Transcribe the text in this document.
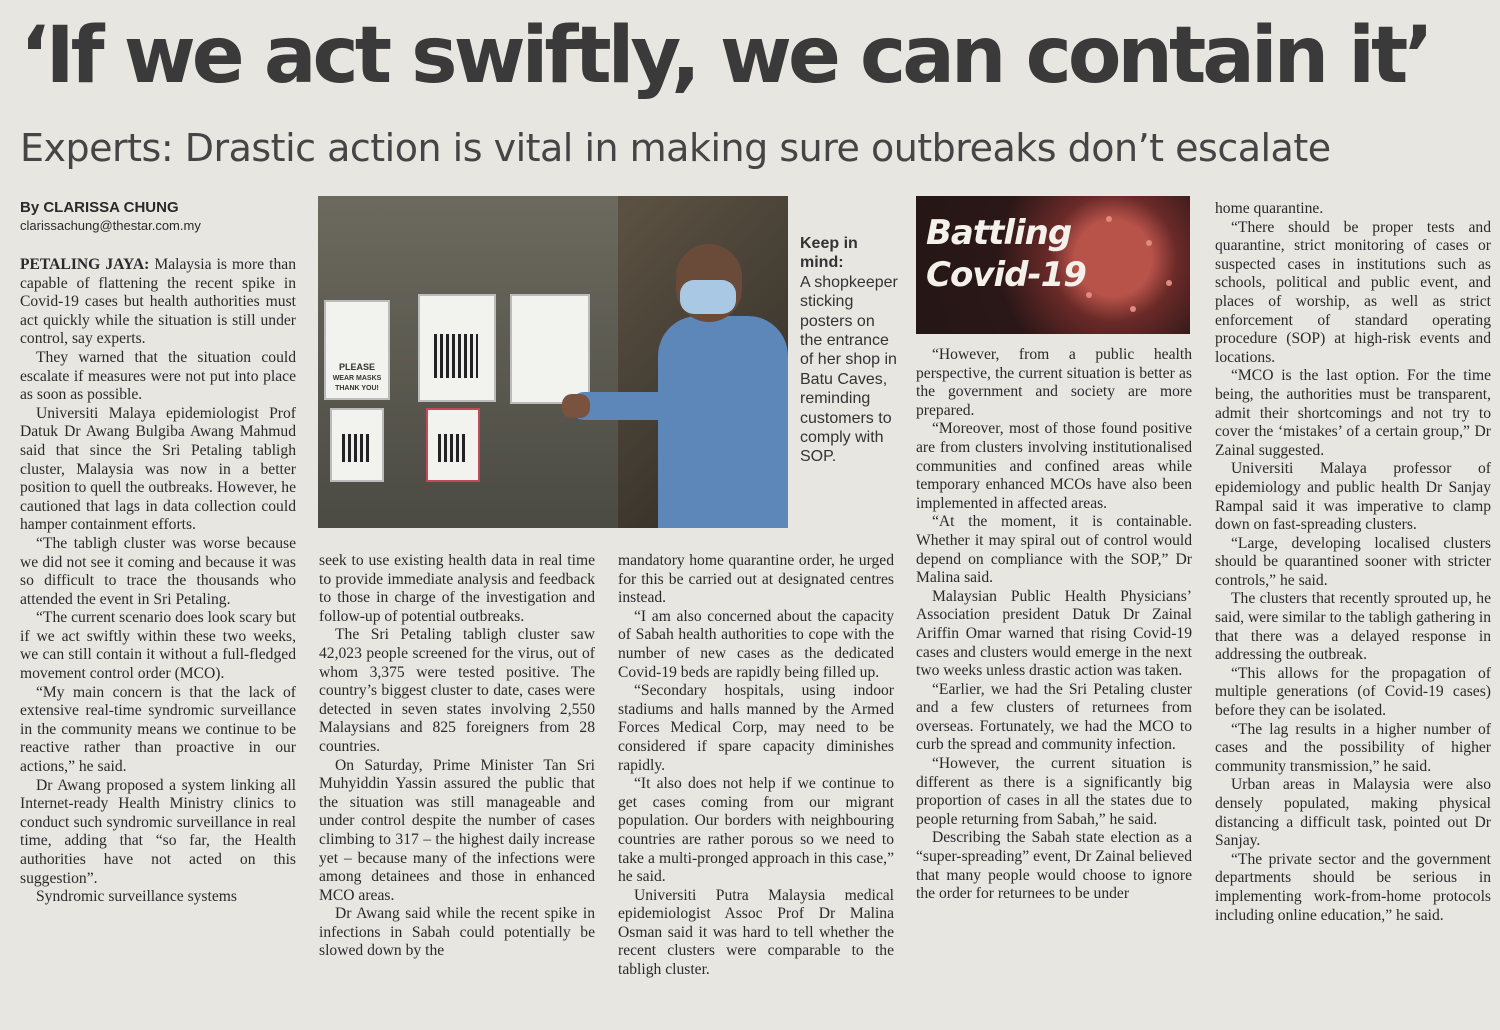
‘If we act swiftly, we can contain it’
Experts: Drastic action is vital in making sure outbreaks don’t escalate
By CLARISSA CHUNG
clarissachung@thestar.com.my

PETALING JAYA: Malaysia is more than capable of flattening the recent spike in Covid-19 cases but health authorities must act quickly while the situation is still under control, say experts.

They warned that the situation could escalate if measures were not put into place as soon as possible.

Universiti Malaya epidemiologist Prof Datuk Dr Awang Bulgiba Awang Mahmud said that since the Sri Petaling tabligh cluster, Malaysia was now in a better position to quell the outbreaks. However, he cautioned that lags in data collection could hamper containment efforts.

“The tabligh cluster was worse because we did not see it coming and because it was so difficult to trace the thousands who attended the event in Sri Petaling.

“The current scenario does look scary but if we act swiftly within these two weeks, we can still contain it without a full-fledged movement control order (MCO).

“My main concern is that the lack of extensive real-time syndromic surveillance in the community means we continue to be reactive rather than proactive in our actions,” he said.

Dr Awang proposed a system linking all Internet-ready Health Ministry clinics to conduct such syndromic surveillance in real time, adding that “so far, the Health authorities have not acted on this suggestion”.

Syndromic surveillance systems

PLEASE
WEAR MASKS
THANK YOU!
Keep in mind:
A shopkeeper sticking posters on the entrance of her shop in Batu Caves, reminding customers to comply with SOP.

seek to use existing health data in real time to provide immediate analysis and feedback to those in charge of the investigation and follow-up of potential outbreaks.

The Sri Petaling tabligh cluster saw 42,023 people screened for the virus, out of whom 3,375 were tested positive. The country’s biggest cluster to date, cases were detected in seven states involving 2,550 Malaysians and 825 foreigners from 28 countries.

On Saturday, Prime Minister Tan Sri Muhyiddin Yassin assured the public that the situation was still manageable and under control despite the number of cases climbing to 317 – the highest daily increase yet – because many of the infections were among detainees and those in enhanced MCO areas.

Dr Awang said while the recent spike in infections in Sabah could potentially be slowed down by the

mandatory home quarantine order, he urged for this be carried out at designated centres instead.

“I am also concerned about the capacity of Sabah health authorities to cope with the number of new cases as the dedicated Covid-19 beds are rapidly being filled up.

“Secondary hospitals, using indoor stadiums and halls manned by the Armed Forces Medical Corp, may need to be considered if spare capacity diminishes rapidly.

“It also does not help if we continue to get cases coming from our migrant population. Our borders with neighbouring countries are rather porous so we need to take a multi-pronged approach in this case,” he said.

Universiti Putra Malaysia medical epidemiologist Assoc Prof Dr Malina Osman said it was hard to tell whether the recent clusters were comparable to the tabligh cluster.

Battling
Covid-19

“However, from a public health perspective, the current situation is better as the government and society are more prepared.

“Moreover, most of those found positive are from clusters involving institutionalised communities and confined areas while temporary enhanced MCOs have also been implemented in affected areas.

“At the moment, it is containable. Whether it may spiral out of control would depend on compliance with the SOP,” Dr Malina said.

Malaysian Public Health Physicians’ Association president Datuk Dr Zainal Ariffin Omar warned that rising Covid-19 cases and clusters would emerge in the next two weeks unless drastic action was taken.

“Earlier, we had the Sri Petaling cluster and a few clusters of returnees from overseas. Fortunately, we had the MCO to curb the spread and community infection.

“However, the current situation is different as there is a significantly big proportion of cases in all the states due to people returning from Sabah,” he said.

Describing the Sabah state election as a “super-spreading” event, Dr Zainal believed that many people would choose to ignore the order for returnees to be under

home quarantine.

“There should be proper tests and quarantine, strict monitoring of cases or suspected cases in institutions such as schools, political and public event, and places of worship, as well as strict enforcement of standard operating procedure (SOP) at high-risk events and locations.

“MCO is the last option. For the time being, the authorities must be transparent, admit their shortcomings and not try to cover the ‘mistakes’ of a certain group,” Dr Zainal suggested.

Universiti Malaya professor of epidemiology and public health Dr Sanjay Rampal said it was imperative to clamp down on fast-spreading clusters.

“Large, developing localised clusters should be quarantined sooner with stricter controls,” he said.

The clusters that recently sprouted up, he said, were similar to the tabligh gathering in that there was a delayed response in addressing the outbreak.

“This allows for the propagation of multiple generations (of Covid-19 cases) before they can be isolated.

“The lag results in a higher number of cases and the possibility of higher community transmission,” he said.

Urban areas in Malaysia were also densely populated, making physical distancing a difficult task, pointed out Dr Sanjay.

“The private sector and the government departments should be serious in implementing work-from-home protocols including online education,” he said.
